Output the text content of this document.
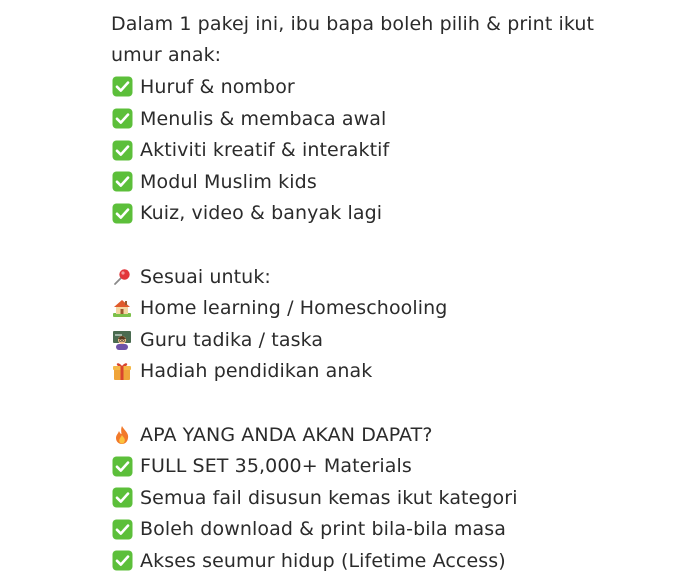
Dalam 1 pakej ini, ibu bapa boleh pilih & print ikut
umur anak:
Huruf & nombor
Menulis & membaca awal
Aktiviti kreatif & interaktif
Modul Muslim kids
Kuiz, video & banyak lagi
Sesuai untuk:
Home learning / Homeschooling
Guru tadika / taska
Hadiah pendidikan anak
APA YANG ANDA AKAN DAPAT?
FULL SET 35,000+ Materials
Semua fail disusun kemas ikut kategori
Boleh download & print bila-bila masa
Akses seumur hidup (Lifetime Access)
